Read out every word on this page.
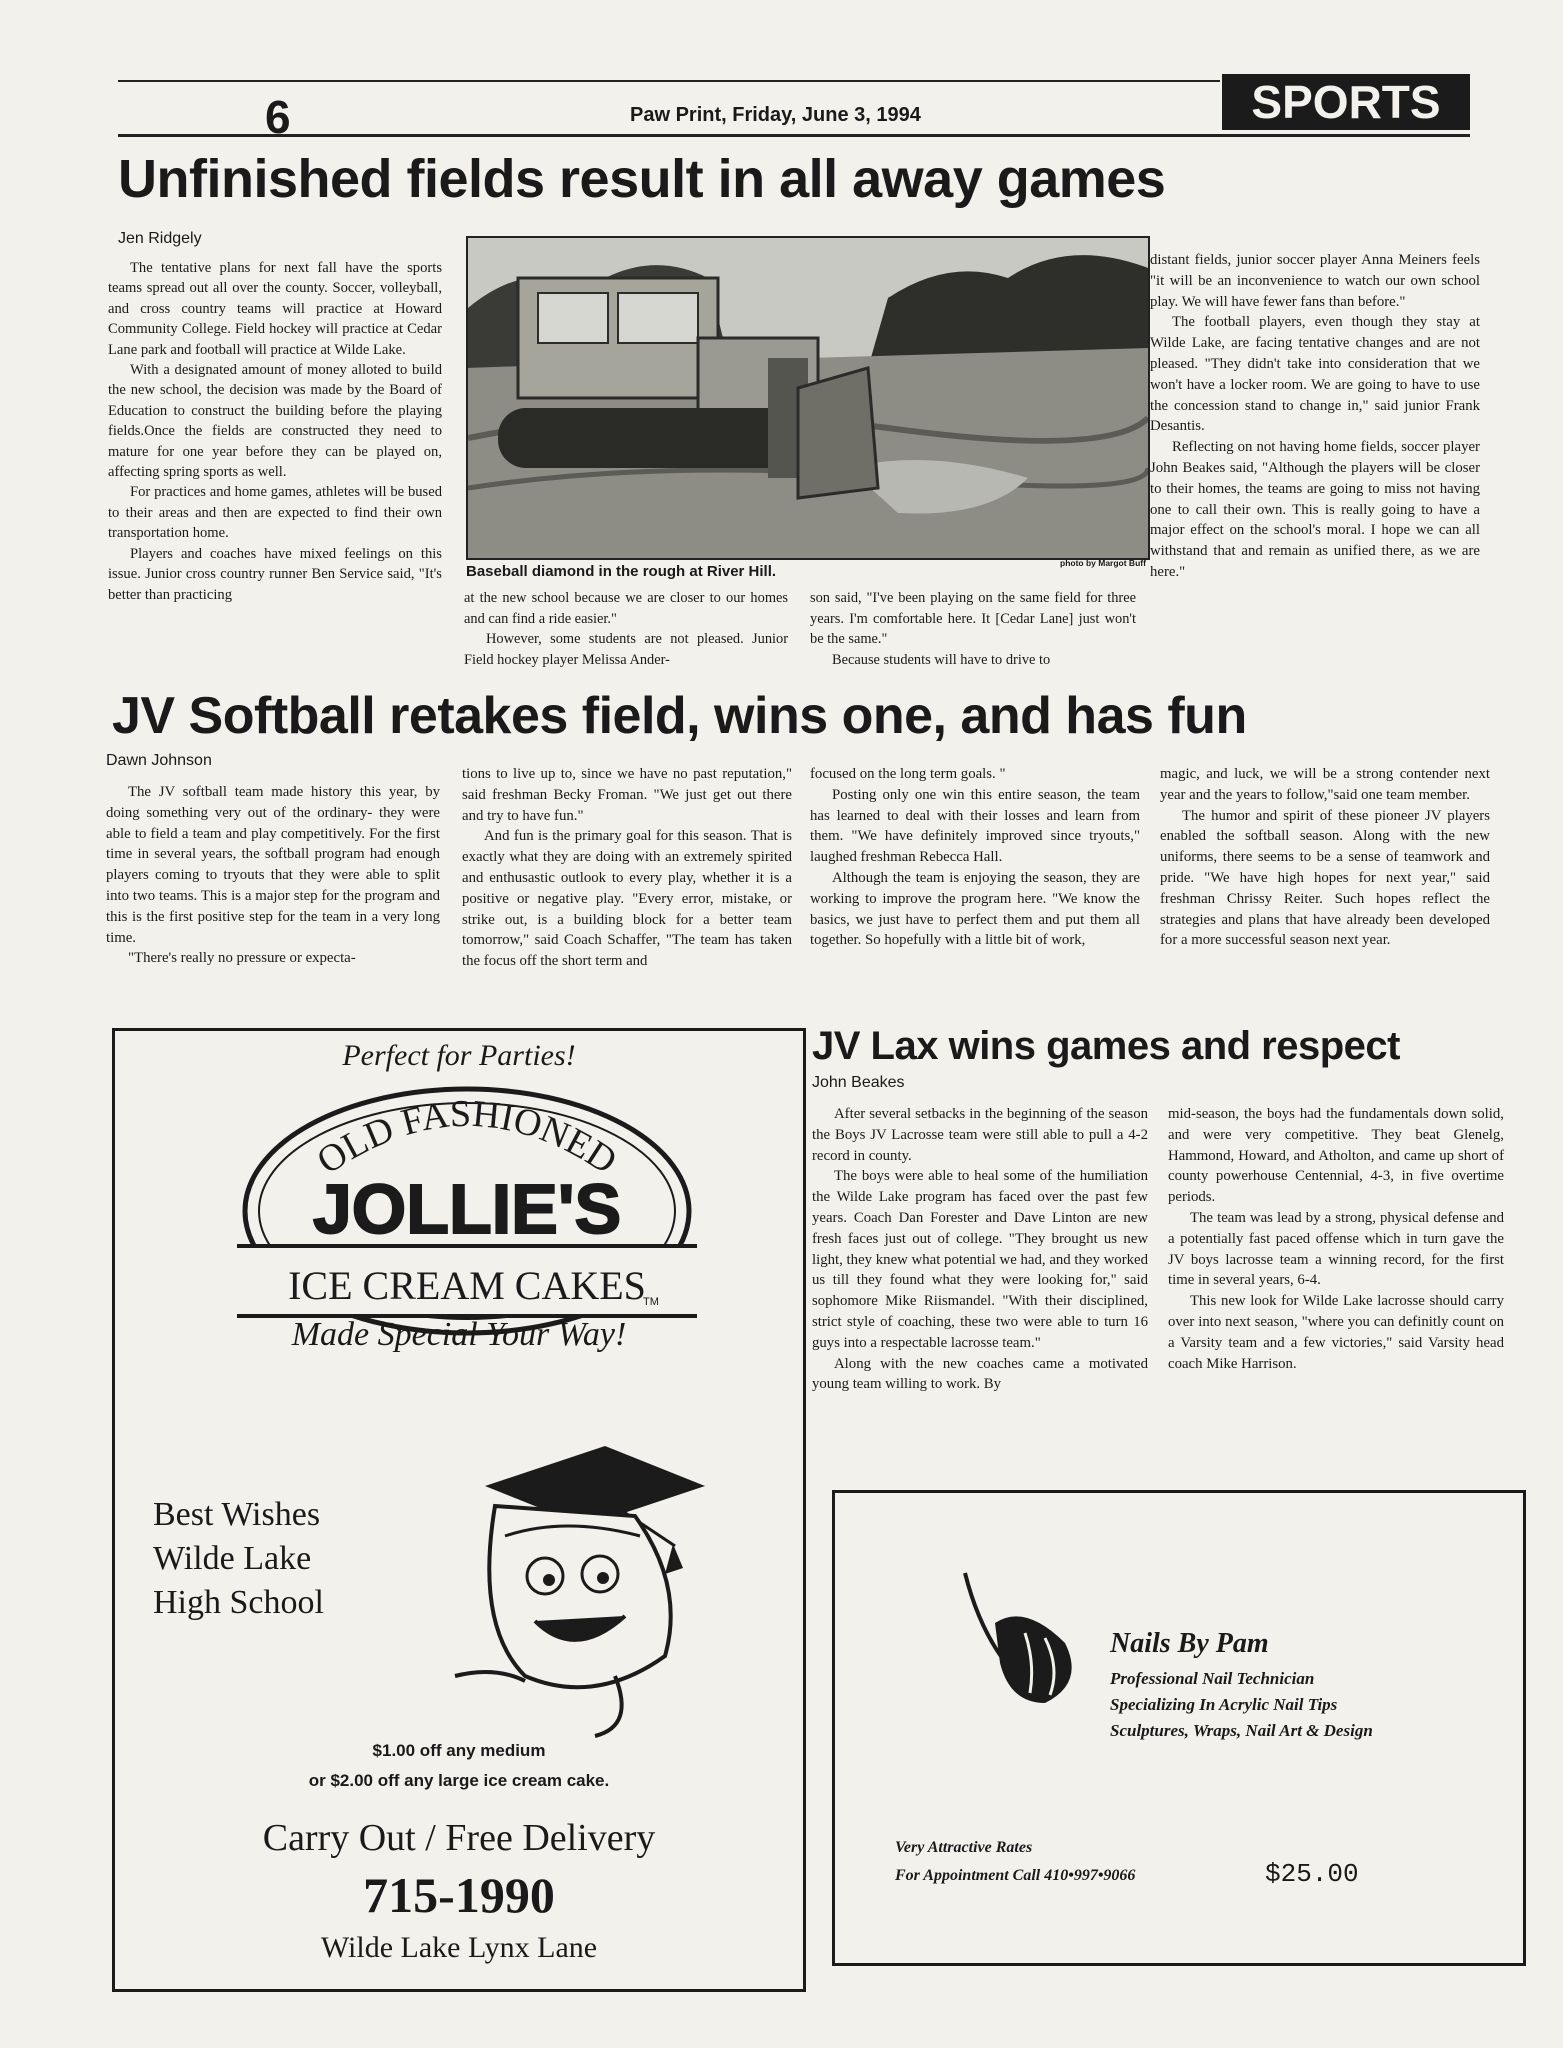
6	Paw Print, Friday, June 3, 1994	SPORTS
Unfinished fields result in all away games
Jen Ridgely

The tentative plans for next fall have the sports teams spread out all over the county. Soccer, volleyball, and cross country teams will practice at Howard Community College. Field hockey will practice at Cedar Lane park and football will practice at Wilde Lake.

With a designated amount of money alloted to build the new school, the decision was made by the Board of Education to construct the building before the playing fields.Once the fields are constructed they need to mature for one year before they can be played on, affecting spring sports as well.

For practices and home games, athletes will be bused to their areas and then are expected to find their own transportation home.

Players and coaches have mixed feelings on this issue. Junior cross country runner Ben Service said, "It's better than practicing

Baseball diamond in the rough at River Hill.	photo by Margot Buff

at the new school because we are closer to our homes and can find a ride easier."

However, some students are not pleased. Junior Field hockey player Melissa Ander-

son said, "I've been playing on the same field for three years. I'm comfortable here. It [Cedar Lane] just won't be the same."

Because students will have to drive to

distant fields, junior soccer player Anna Meiners feels "it will be an inconvenience to watch our own school play. We will have fewer fans than before."

The football players, even though they stay at Wilde Lake, are facing tentative changes and are not pleased. "They didn't take into consideration that we won't have a locker room. We are going to have to use the concession stand to change in," said junior Frank Desantis.

Reflecting on not having home fields, soccer player John Beakes said, "Although the players will be closer to their homes, the teams are going to miss not having one to call their own. This is really going to have a major effect on the school's moral. I hope we can all withstand that and remain as unified there, as we are here."

JV Softball retakes field, wins one, and has fun
Dawn Johnson

The JV softball team made history this year, by doing something very out of the ordinary- they were able to field a team and play competitively. For the first time in several years, the softball program had enough players coming to tryouts that they were able to split into two teams. This is a major step for the program and this is the first positive step for the team in a very long time.

"There's really no pressure or expecta-

tions to live up to, since we have no past reputation," said freshman Becky Froman. "We just get out there and try to have fun."

And fun is the primary goal for this season. That is exactly what they are doing with an extremely spirited and enthusastic outlook to every play, whether it is a positive or negative play. "Every error, mistake, or strike out, is a building block for a better team tomorrow," said Coach Schaffer, "The team has taken the focus off the short term and

focused on the long term goals. "

Posting only one win this entire season, the team has learned to deal with their losses and learn from them. "We have definitely improved since tryouts," laughed freshman Rebecca Hall.

Although the team is enjoying the season, they are working to improve the program here. "We know the basics, we just have to perfect them and put them all together. So hopefully with a little bit of work,

magic, and luck, we will be a strong contender next year and the years to follow,"said one team member.

The humor and spirit of these pioneer JV players enabled the softball season. Along with the new uniforms, there seems to be a sense of teamwork and pride. "We have high hopes for next year," said freshman Chrissy Reiter. Such hopes reflect the strategies and plans that have already been developed for a more successful season next year.

Perfect for Parties!
OLD FASHIONED
ICE CREAM CAKES
JOLLIE'S
TM
Made Special Your Way!
Best Wishes
Wilde Lake
High School
$1.00 off any medium
or $2.00 off any large ice cream cake.
Carry Out / Free Delivery
715-1990
Wilde Lake Lynx Lane
JV Lax wins games and respect
John Beakes

After several setbacks in the beginning of the season the Boys JV Lacrosse team were still able to pull a 4-2 record in county.

The boys were able to heal some of the humiliation the Wilde Lake program has faced over the past few years. Coach Dan Forester and Dave Linton are new fresh faces just out of college. "They brought us new light, they knew what potential we had, and they worked us till they found what they were looking for," said sophomore Mike Riismandel. "With their disciplined, strict style of coaching, these two were able to turn 16 guys into a respectable lacrosse team."

Along with the new coaches came a motivated young team willing to work. By

mid-season, the boys had the fundamentals down solid, and were very competitive. They beat Glenelg, Hammond, Howard, and Atholton, and came up short of county powerhouse Centennial, 4-3, in five overtime periods.

The team was lead by a strong, physical defense and a potentially fast paced offense which in turn gave the JV boys lacrosse team a winning record, for the first time in several years, 6-4.

This new look for Wilde Lake lacrosse should carry over into next season, "where you can definitly count on a Varsity team and a few victories," said Varsity head coach Mike Harrison.

Nails By Pam
Professional Nail Technician
Specializing In Acrylic Nail Tips
Sculptures, Wraps, Nail Art & Design
Very Attractive Rates
For Appointment Call 410•997•9066	$25.00
